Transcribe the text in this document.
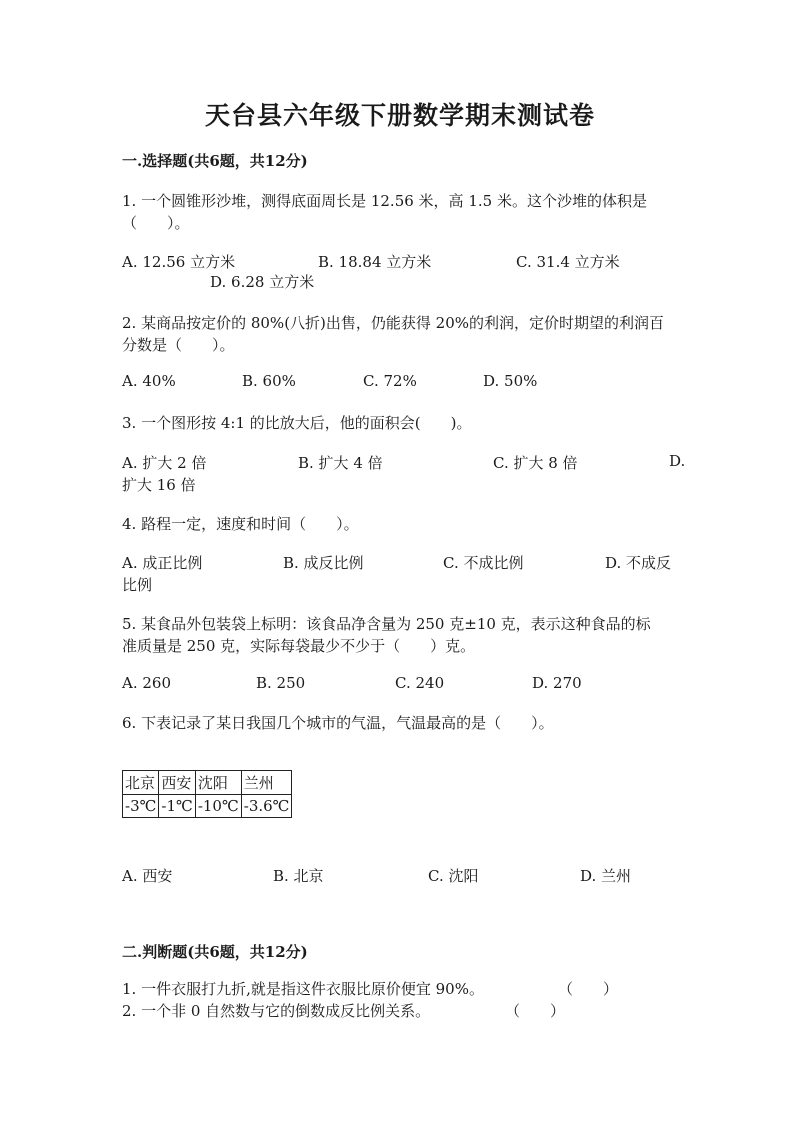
天台县六年级下册数学期末测试卷
一.选择题(共6题，共12分)
1. 一个圆锥形沙堆，测得底面周长是 12.56 米，高 1.5 米。这个沙堆的体积是
（　　）。
A. 12.56 立方米	B. 18.84 立方米	C. 31.4 立方米
D. 6.28 立方米
2. 某商品按定价的 80%(八折)出售，仍能获得 20%的利润，定价时期望的利润百
分数是（　　）。
A. 40%	B. 60%	C. 72%	D. 50%
3. 一个图形按 4:1 的比放大后，他的面积会(　　)。
A. 扩大 2 倍	B. 扩大 4 倍	C. 扩大 8 倍	D.
扩大 16 倍
4. 路程一定，速度和时间（　　）。
A. 成正比例	B. 成反比例	C. 不成比例	D. 不成反
比例
5. 某食品外包装袋上标明：该食品净含量为 250 克±10 克，表示这种食品的标
准质量是 250 克，实际每袋最少不少于（　　）克。
A. 260	B. 250	C. 240	D. 270
6. 下表记录了某日我国几个城市的气温，气温最高的是（　　）。
北京	西安	沈阳	兰州
-3℃	-1℃	-10℃	-3.6℃
A. 西安	B. 北京	C. 沈阳	D. 兰州
二.判断题(共6题，共12分)
1. 一件衣服打九折,就是指这件衣服比原价便宜 90%。	（　　）
2. 一个非 0 自然数与它的倒数成反比例关系。	（　　）
